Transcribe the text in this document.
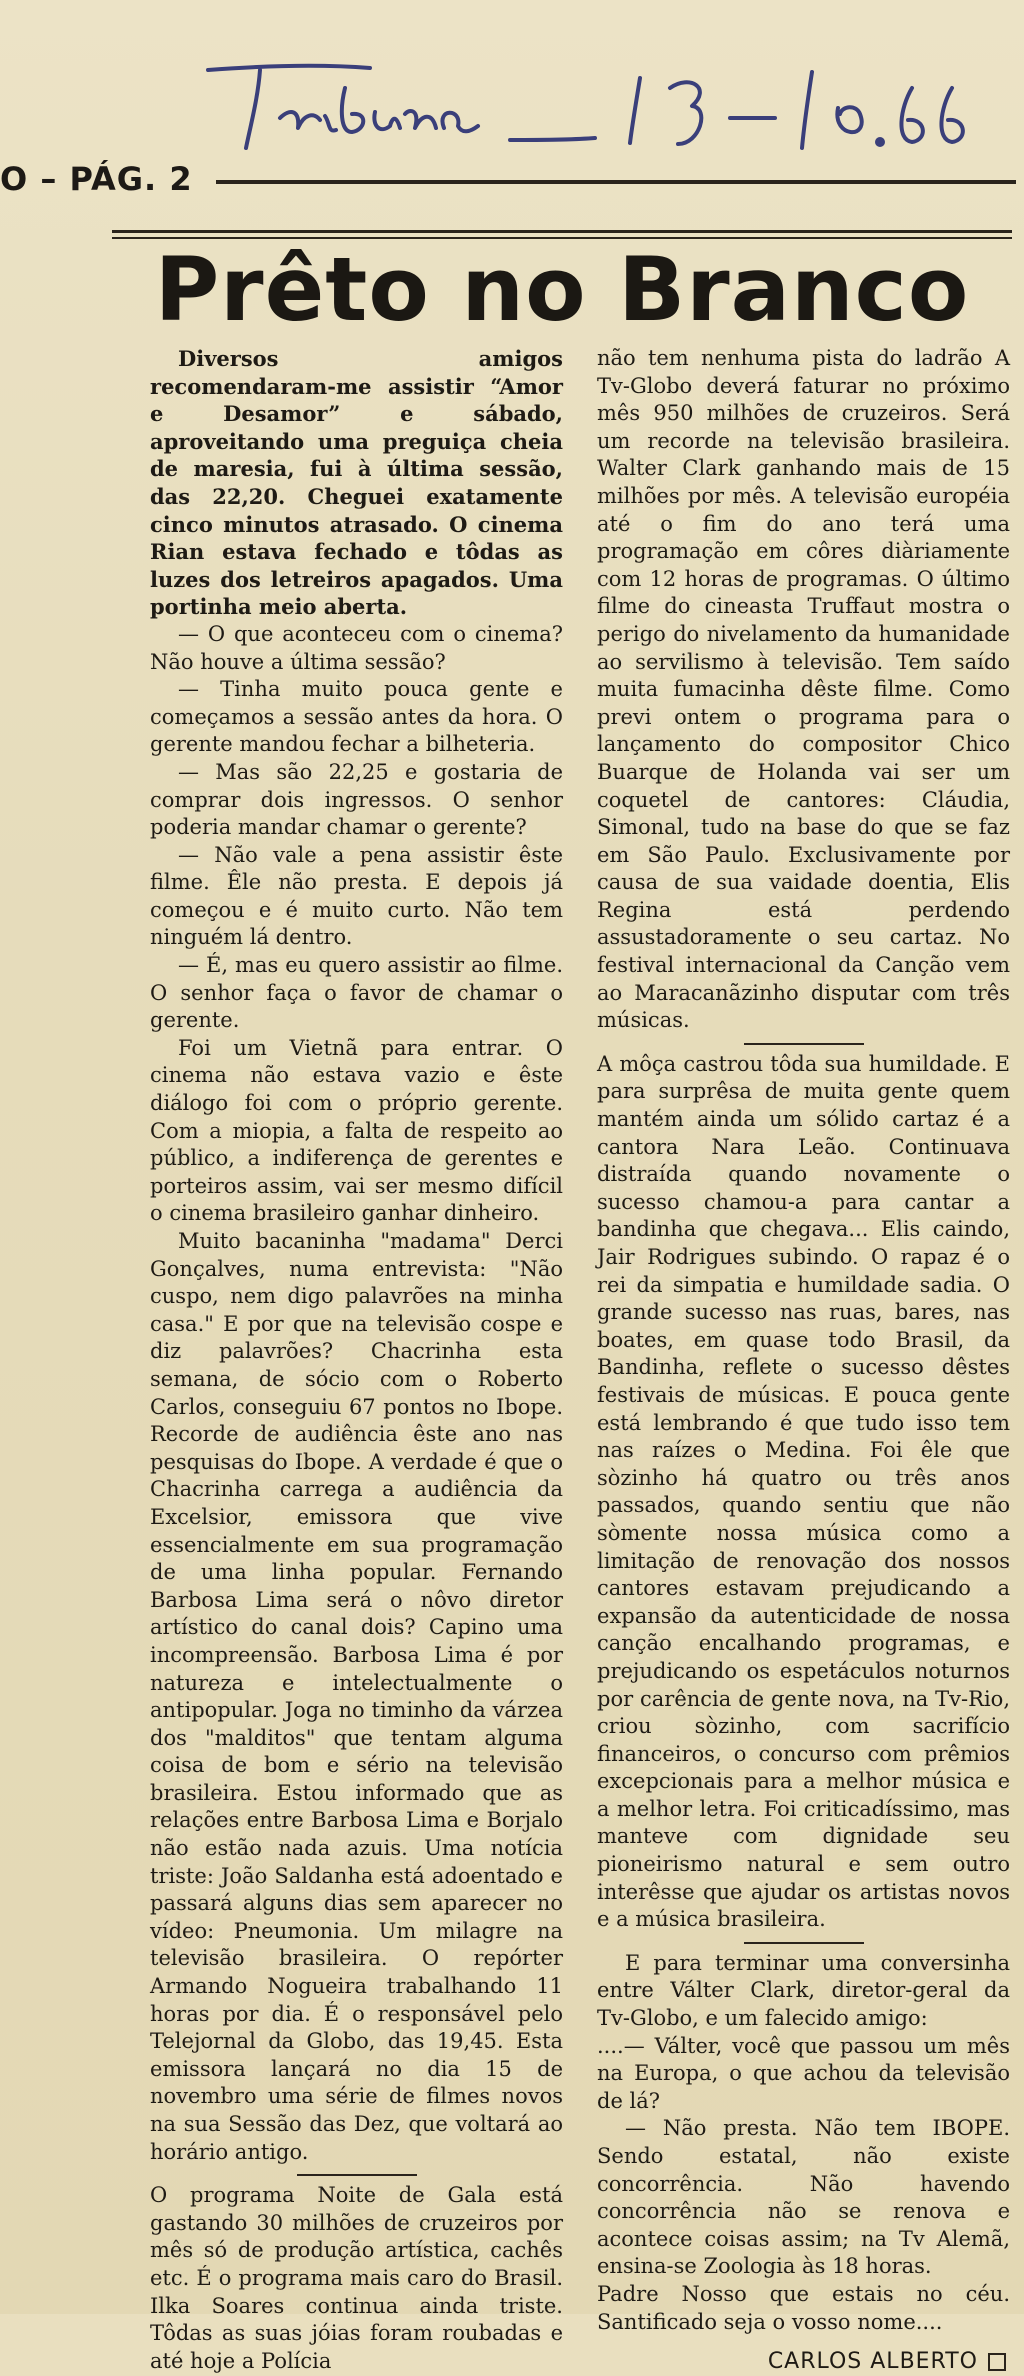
O – PÁG. 2
Prêto no Branco

Diversos amigos recomendaram-me assistir “Amor e Desamor” e sábado, aproveitando uma preguiça cheia de maresia, fui à última sessão, das 22,20. Cheguei exatamente cinco minutos atrasado. O cinema Rian estava fechado e tôdas as luzes dos letreiros apagados. Uma portinha meio aberta.

— O que aconteceu com o cinema? Não houve a última sessão?

— Tinha muito pouca gente e começamos a sessão antes da hora. O gerente mandou fechar a bilheteria.

— Mas são 22,25 e gostaria de comprar dois ingressos. O senhor poderia mandar chamar o gerente?

— Não vale a pena assistir êste filme. Êle não presta. E depois já começou e é muito curto. Não tem ninguém lá dentro.

— É, mas eu quero assistir ao filme. O senhor faça o favor de chamar o gerente.

Foi um Vietnã para entrar. O cinema não estava vazio e êste diálogo foi com o próprio gerente. Com a miopia, a falta de respeito ao público, a indiferença de gerentes e porteiros assim, vai ser mesmo difícil o cinema brasileiro ganhar dinheiro.

Muito bacaninha "madama" Derci Gonçalves, numa entrevista: "Não cuspo, nem digo palavrões na minha casa." E por que na televisão cospe e diz palavrões? Chacrinha esta semana, de sócio com o Roberto Carlos, conseguiu 67 pontos no Ibope. Recorde de audiência êste ano nas pesquisas do Ibope. A verdade é que o Chacrinha carrega a audiência da Excelsior, emissora que vive essencialmente em sua programação de uma linha popular. Fernando Barbosa Lima será o nôvo diretor artístico do canal dois? Capino uma incompreensão. Barbosa Lima é por natureza e intelectualmente o antipopular. Joga no timinho da várzea dos "malditos" que tentam alguma coisa de bom e sério na televisão brasileira. Estou informado que as relações entre Barbosa Lima e Borjalo não estão nada azuis. Uma notícia triste: João Saldanha está adoentado e passará alguns dias sem aparecer no vídeo: Pneumonia. Um milagre na televisão brasileira. O repórter Armando Nogueira trabalhando 11 horas por dia. É o responsável pelo Telejornal da Globo, das 19,45. Esta emissora lançará no dia 15 de novembro uma série de filmes novos na sua Sessão das Dez, que voltará ao horário antigo.

O programa Noite de Gala está gastando 30 milhões de cruzeiros por mês só de produção artística, cachês etc. É o programa mais caro do Brasil. Ilka Soares continua ainda triste. Tôdas as suas jóias foram roubadas e até hoje a Polícia

não tem nenhuma pista do ladrão A Tv-Globo deverá faturar no próximo mês 950 milhões de cruzeiros. Será um recorde na televisão brasileira. Walter Clark ganhando mais de 15 milhões por mês. A televisão européia até o fim do ano terá uma programação em côres diàriamente com 12 horas de programas. O último filme do cineasta Truffaut mostra o perigo do nivelamento da humanidade ao servilismo à televisão. Tem saído muita fumacinha dêste filme. Como previ ontem o programa para o lançamento do compositor Chico Buarque de Holanda vai ser um coquetel de cantores: Cláudia, Simonal, tudo na base do que se faz em São Paulo. Exclusivamente por causa de sua vaidade doentia, Elis Regina está perdendo assustadoramente o seu cartaz. No festival internacional da Canção vem ao Maracanãzinho disputar com três músicas.

A môça castrou tôda sua humildade. E para surprêsa de muita gente quem mantém ainda um sólido cartaz é a cantora Nara Leão. Continuava distraída quando novamente o sucesso chamou-a para cantar a bandinha que chegava... Elis caindo, Jair Rodrigues subindo. O rapaz é o rei da simpatia e humildade sadia. O grande sucesso nas ruas, bares, nas boates, em quase todo Brasil, da Bandinha, reflete o sucesso dêstes festivais de músicas. E pouca gente está lembrando é que tudo isso tem nas raízes o Medina. Foi êle que sòzinho há quatro ou três anos passados, quando sentiu que não sòmente nossa música como a limitação de renovação dos nossos cantores estavam prejudicando a expansão da autenticidade de nossa canção encalhando programas, e prejudicando os espetáculos noturnos por carência de gente nova, na Tv-Rio, criou sòzinho, com sacrifício financeiros, o concurso com prêmios excepcionais para a melhor música e a melhor letra. Foi criticadíssimo, mas manteve com dignidade seu pioneirismo natural e sem outro interêsse que ajudar os artistas novos e a música brasileira.

E para terminar uma conversinha entre Válter Clark, diretor-geral da Tv-Globo, e um falecido amigo:

....— Válter, você que passou um mês na Europa, o que achou da televisão de lá?

— Não presta. Não tem IBOPE. Sendo estatal, não existe concorrência. Não havendo concorrência não se renova e acontece coisas assim; na Tv Alemã, ensina-se Zoologia às 18 horas.

Padre Nosso que estais no céu. Santificado seja o vosso nome....

CARLOS ALBERTO
